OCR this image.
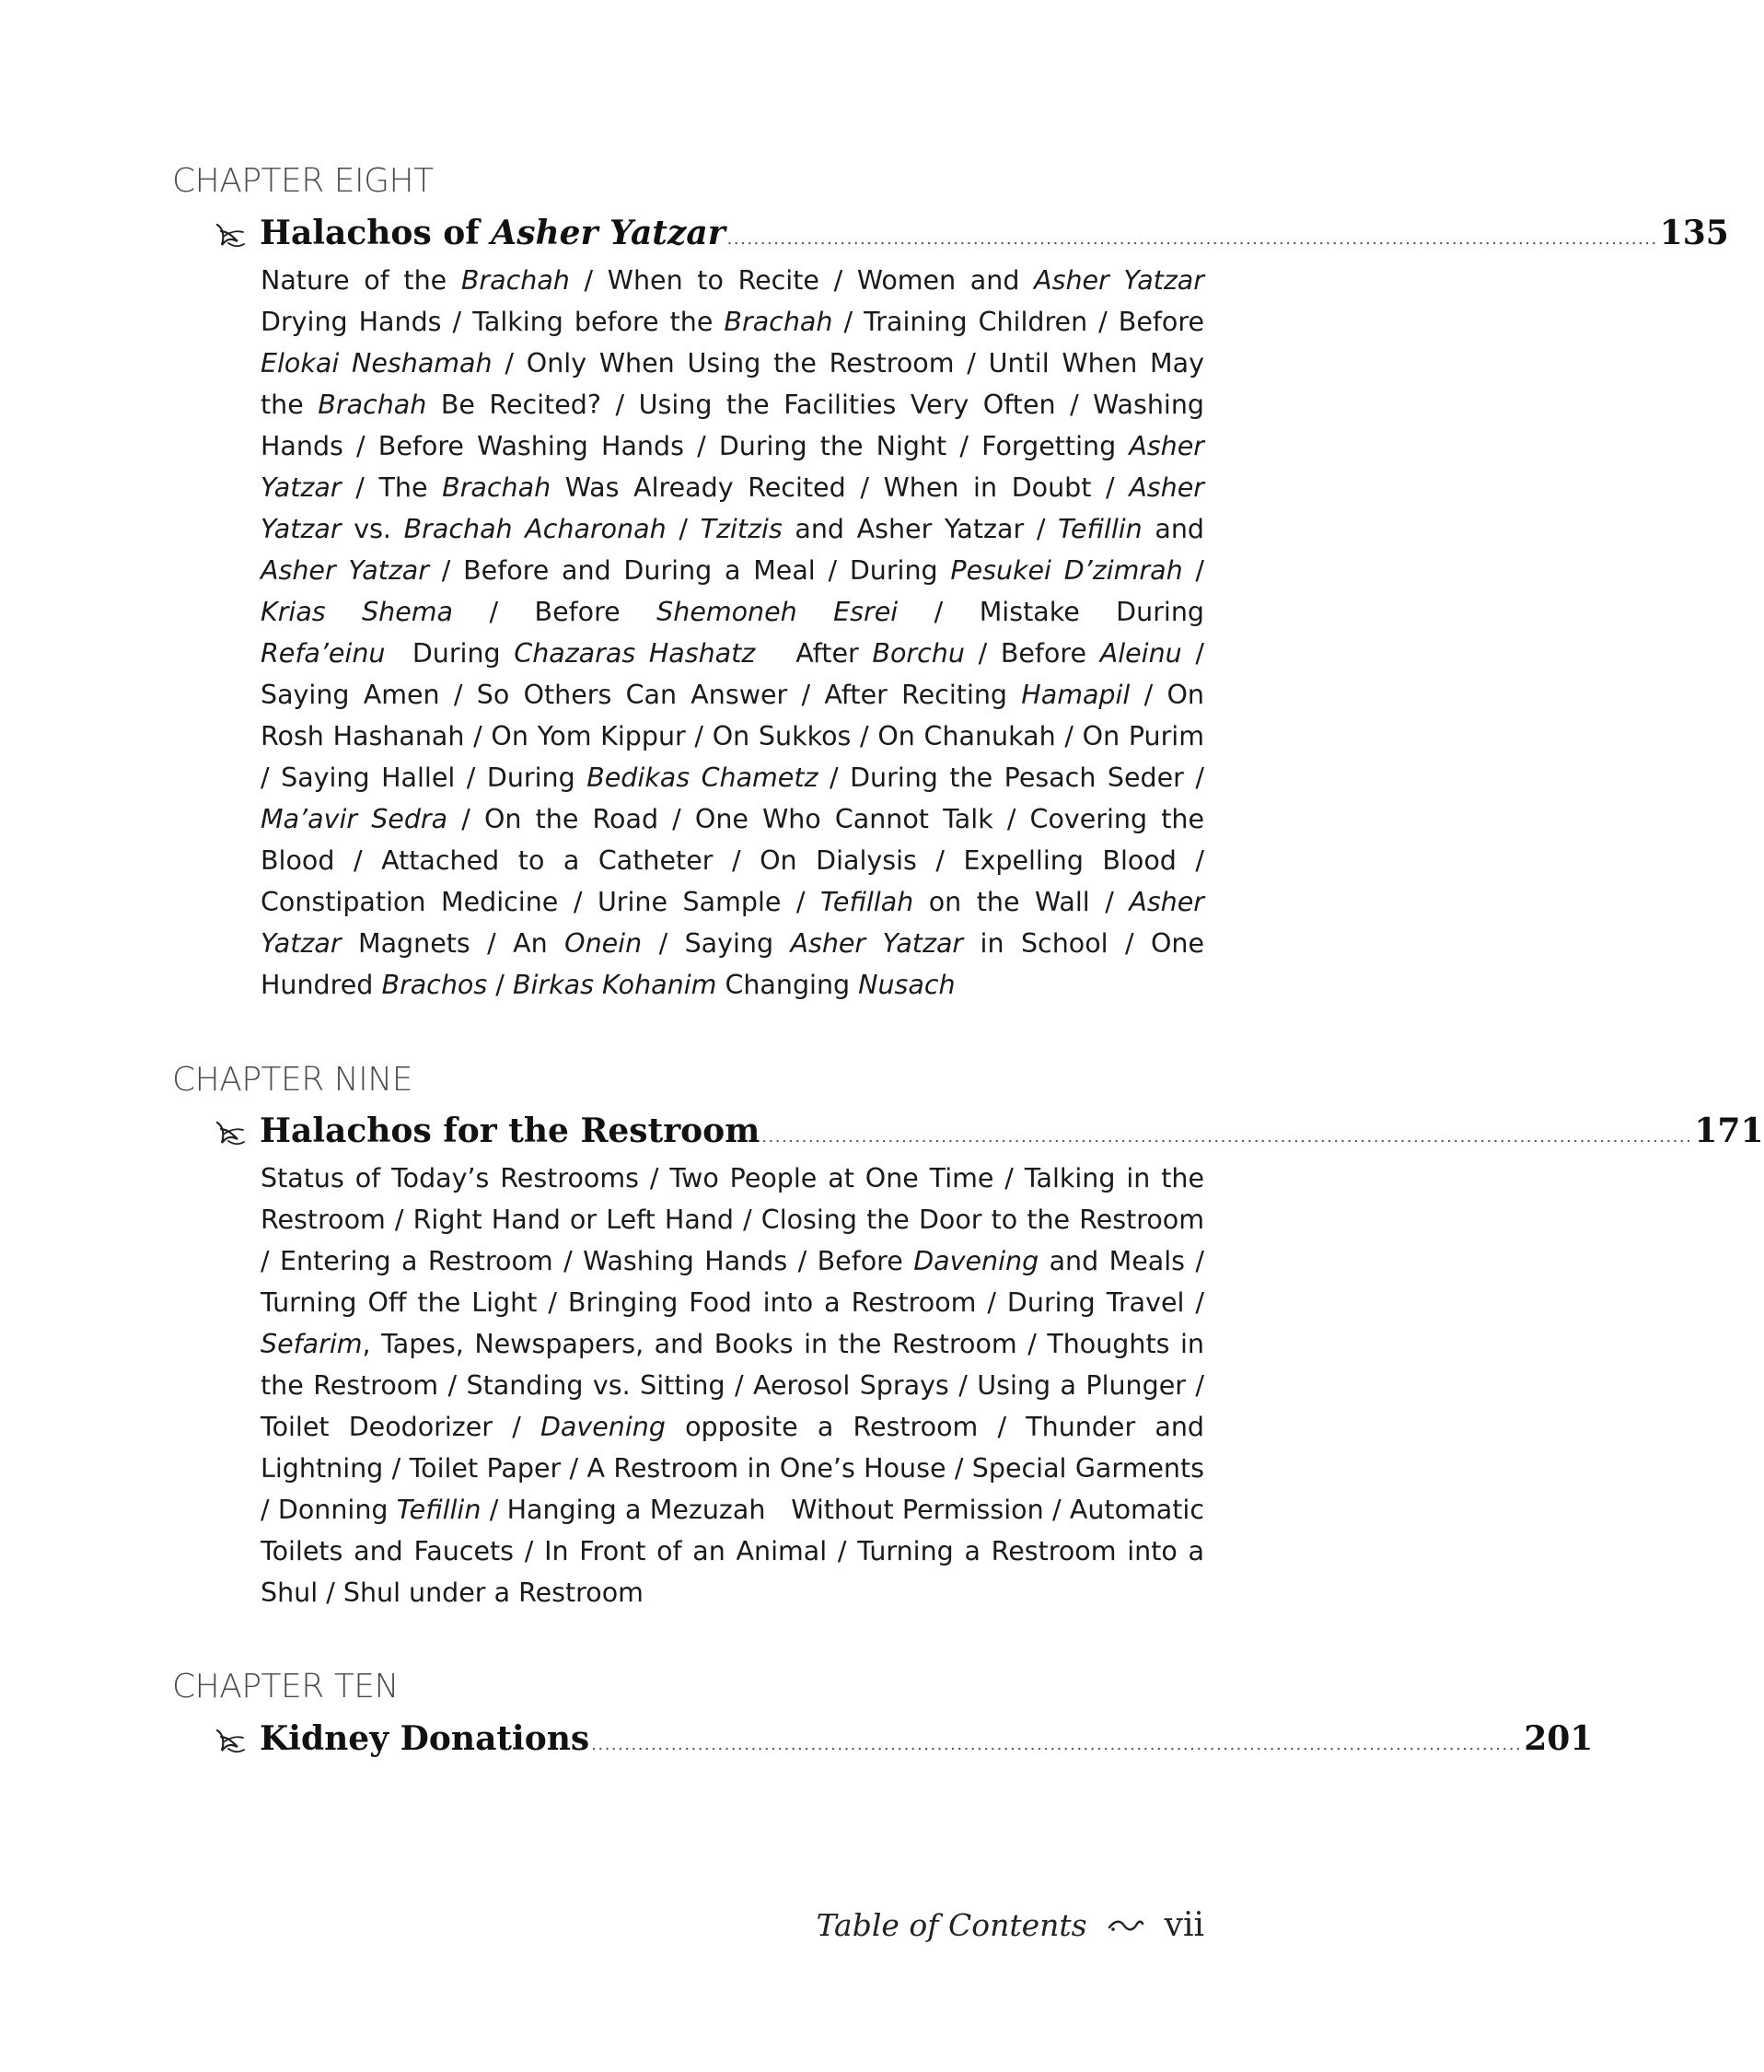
CHAPTER EIGHT
Halachos of Asher Yatzar ............................................................................................................................................ 135
Nature of the Brachah / When to Recite / Women and Asher Yatzar Drying Hands / Talking before the Brachah / Training Children / Before Elokai Neshamah / Only When Using the Restroom / Until When May the Brachah Be Recited? / Using the Facilities Very Often / Washing Hands / Before Washing Hands / During the Night / Forgetting Asher Yatzar / The Brachah Was Already Recited / When in Doubt / Asher Yatzar vs. Brachah Acharonah / Tzitzis and Asher Yatzar / Tefillin and Asher Yatzar / Before and During a Meal / During Pesukei D’zimrah / Krias Shema / Before Shemoneh Esrei / Mistake During Refa’einu  During Chazaras Hashatz   After Borchu / Before Aleinu / Saying Amen / So Others Can Answer / After Reciting Hamapil / On Rosh Hashanah / On Yom Kippur / On Sukkos / On Chanukah / On Purim / Saying Hallel / During Bedikas Chametz / During the Pesach Seder / Ma’avir Sedra / On the Road / One Who Cannot Talk / Covering the Blood / Attached to a Catheter / On Dialysis / Expelling Blood / Constipation Medicine / Urine Sample / Tefillah on the Wall / Asher Yatzar Magnets / An Onein / Saying Asher Yatzar in School / One Hundred Brachos / Birkas Kohanim Changing Nusach
CHAPTER NINE
Halachos for the Restroom ............................................................................................................................................ 171
Status of Today’s Restrooms / Two People at One Time / Talking in the Restroom / Right Hand or Left Hand / Closing the Door to the Restroom / Entering a Restroom / Washing Hands / Before Davening and Meals / Turning Off the Light / Bringing Food into a Restroom / During Travel / Sefarim, Tapes, Newspapers, and Books in the Restroom / Thoughts in the Restroom / Standing vs. Sitting / Aerosol Sprays / Using a Plunger / Toilet Deodorizer / Davening opposite a Restroom / Thunder and Lightning / Toilet Paper / A Restroom in One’s House / Special Garments / Donning Tefillin / Hanging a Mezuzah   Without Permission / Automatic Toilets and Faucets / In Front of an Animal / Turning a Restroom into a Shul / Shul under a Restroom
CHAPTER TEN
Kidney Donations ............................................................................................................................................ 201
Table of Contents vii
